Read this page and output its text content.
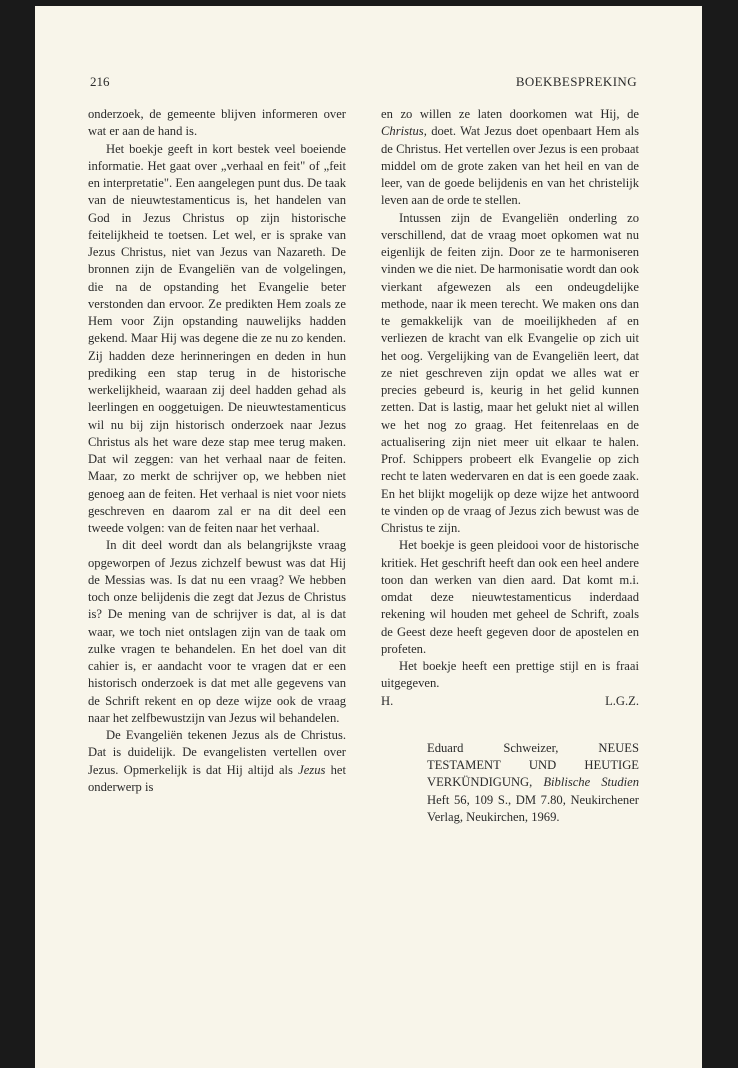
216	BOEKBESPREKING

onderzoek, de gemeente blijven informeren over wat er aan de hand is.

Het boekje geeft in kort bestek veel boeiende informatie. Het gaat over „verhaal en feit" of „feit en interpretatie". Een aangelegen punt dus. De taak van de nieuwtestamenticus is, het handelen van God in Jezus Christus op zijn historische feitelijkheid te toetsen. Let wel, er is sprake van Jezus Christus, niet van Jezus van Nazareth. De bronnen zijn de Evangeliën van de volgelingen, die na de opstanding het Evangelie beter verstonden dan ervoor. Ze predikten Hem zoals ze Hem voor Zijn opstanding nauwelijks hadden gekend. Maar Hij was degene die ze nu zo kenden. Zij hadden deze herinneringen en deden in hun prediking een stap terug in de historische werkelijkheid, waaraan zij deel hadden gehad als leerlingen en ooggetuigen. De nieuwtestamenticus wil nu bij zijn historisch onderzoek naar Jezus Christus als het ware deze stap mee terug maken. Dat wil zeggen: van het verhaal naar de feiten. Maar, zo merkt de schrijver op, we hebben niet genoeg aan de feiten. Het verhaal is niet voor niets geschreven en daarom zal er na dit deel een tweede volgen: van de feiten naar het verhaal.

In dit deel wordt dan als belangrijkste vraag opgeworpen of Jezus zichzelf bewust was dat Hij de Messias was. Is dat nu een vraag? We hebben toch onze belijdenis die zegt dat Jezus de Christus is? De mening van de schrijver is dat, al is dat waar, we toch niet ontslagen zijn van de taak om zulke vragen te behandelen. En het doel van dit cahier is, er aandacht voor te vragen dat er een historisch onderzoek is dat met alle gegevens van de Schrift rekent en op deze wijze ook de vraag naar het zelfbewustzijn van Jezus wil behandelen.

De Evangeliën tekenen Jezus als de Christus. Dat is duidelijk. De evangelisten vertellen over Jezus. Opmerkelijk is dat Hij altijd als Jezus het onderwerp is

en zo willen ze laten doorkomen wat Hij, de Christus, doet. Wat Jezus doet openbaart Hem als de Christus. Het vertellen over Jezus is een probaat middel om de grote zaken van het heil en van de leer, van de goede belijdenis en van het christelijk leven aan de orde te stellen.

Intussen zijn de Evangeliën onderling zo verschillend, dat de vraag moet opkomen wat nu eigenlijk de feiten zijn. Door ze te harmoniseren vinden we die niet. De harmonisatie wordt dan ook vierkant afgewezen als een ondeugdelijke methode, naar ik meen terecht. We maken ons dan te gemakkelijk van de moeilijkheden af en verliezen de kracht van elk Evangelie op zich uit het oog. Vergelijking van de Evangeliën leert, dat ze niet geschreven zijn opdat we alles wat er precies gebeurd is, keurig in het gelid kunnen zetten. Dat is lastig, maar het gelukt niet al willen we het nog zo graag. Het feitenrelaas en de actualisering zijn niet meer uit elkaar te halen. Prof. Schippers probeert elk Evangelie op zich recht te laten wedervaren en dat is een goede zaak. En het blijkt mogelijk op deze wijze het antwoord te vinden op de vraag of Jezus zich bewust was de Christus te zijn.

Het boekje is geen pleidooi voor de historische kritiek. Het geschrift heeft dan ook een heel andere toon dan werken van dien aard. Dat komt m.i. omdat deze nieuwtestamenticus inderdaad rekening wil houden met geheel de Schrift, zoals de Geest deze heeft gegeven door de apostelen en profeten.

Het boekje heeft een prettige stijl en is fraai uitgegeven.

H.	L.G.Z.
Eduard Schweizer, NEUES TESTAMENT UND HEUTIGE VERKÜNDIGUNG, Biblische Studien Heft 56, 109 S., DM 7.80, Neukirchener Verlag, Neukirchen, 1969.
